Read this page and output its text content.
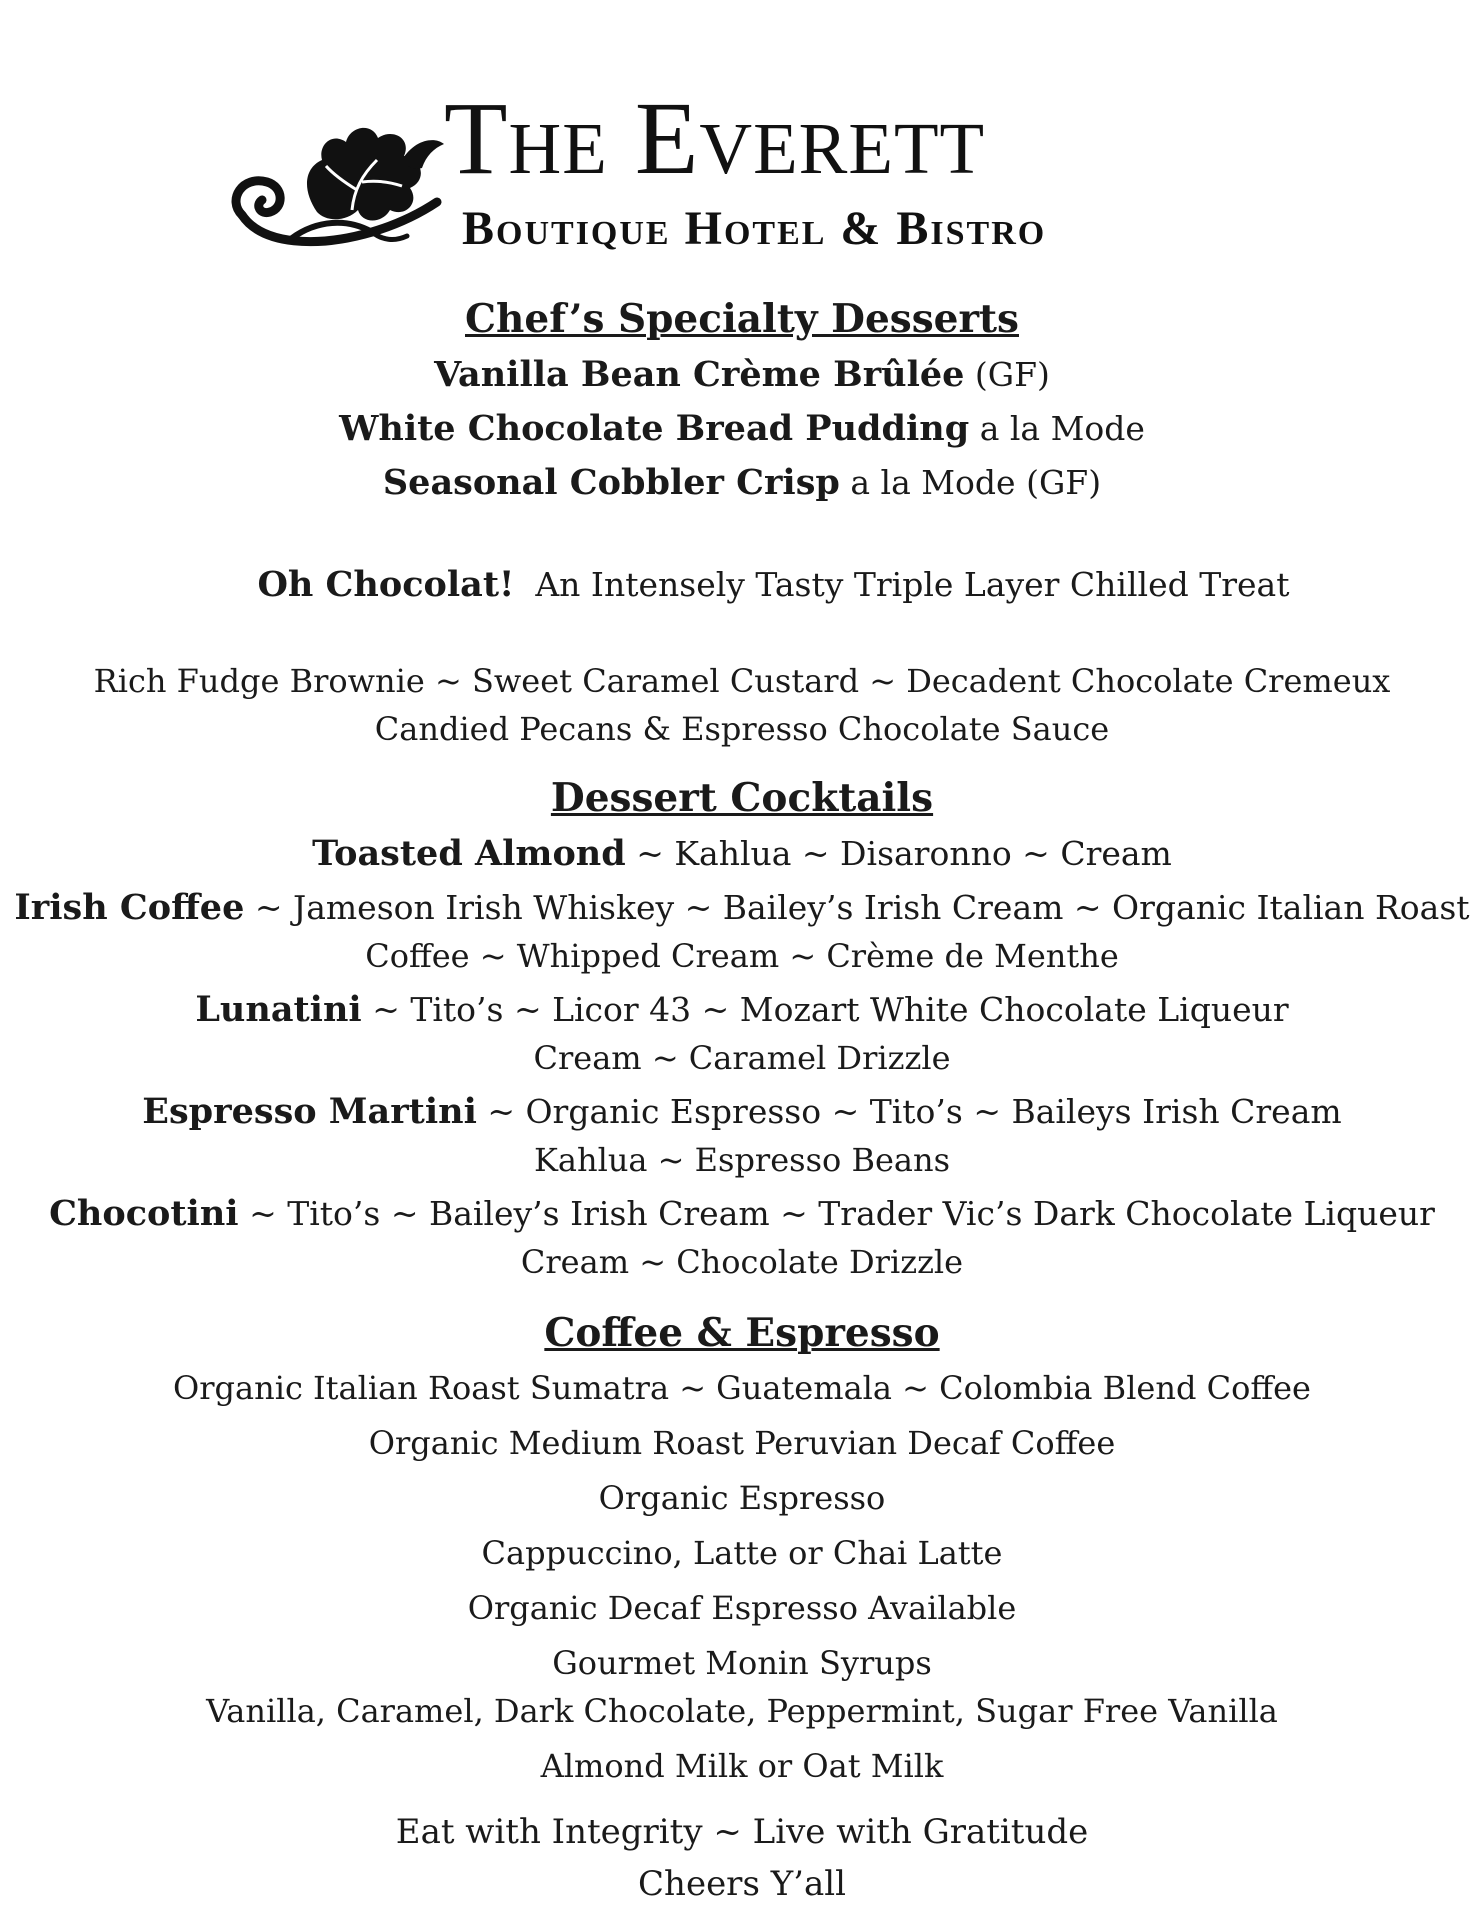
The Everett
Boutique Hotel & Bistro
Chef’s Specialty Desserts
Vanilla Bean Crème Brûlée (GF)
White Chocolate Bread Pudding a la Mode
Seasonal Cobbler Crisp a la Mode (GF)

Oh Chocolat!  An Intensely Tasty Triple Layer Chilled Treat

Rich Fudge Brownie ~ Sweet Caramel Custard ~ Decadent Chocolate Cremeux
Candied Pecans & Espresso Chocolate Sauce
Dessert Cocktails
Toasted Almond ~ Kahlua ~ Disaronno ~ Cream
Irish Coffee ~ Jameson Irish Whiskey ~ Bailey’s Irish Cream ~ Organic Italian Roast
Coffee ~ Whipped Cream ~ Crème de Menthe
Lunatini ~ Tito’s ~ Licor 43 ~ Mozart White Chocolate Liqueur
Cream ~ Caramel Drizzle
Espresso Martini ~ Organic Espresso ~ Tito’s ~ Baileys Irish Cream
Kahlua ~ Espresso Beans
Chocotini ~ Tito’s ~ Bailey’s Irish Cream ~ Trader Vic’s Dark Chocolate Liqueur
Cream ~ Chocolate Drizzle
Coffee & Espresso
Organic Italian Roast Sumatra ~ Guatemala ~ Colombia Blend Coffee
Organic Medium Roast Peruvian Decaf Coffee
Organic Espresso
Cappuccino, Latte or Chai Latte
Organic Decaf Espresso Available
Gourmet Monin Syrups
Vanilla, Caramel, Dark Chocolate, Peppermint, Sugar Free Vanilla
Almond Milk or Oat Milk
Eat with Integrity ~ Live with Gratitude
Cheers Y’all
